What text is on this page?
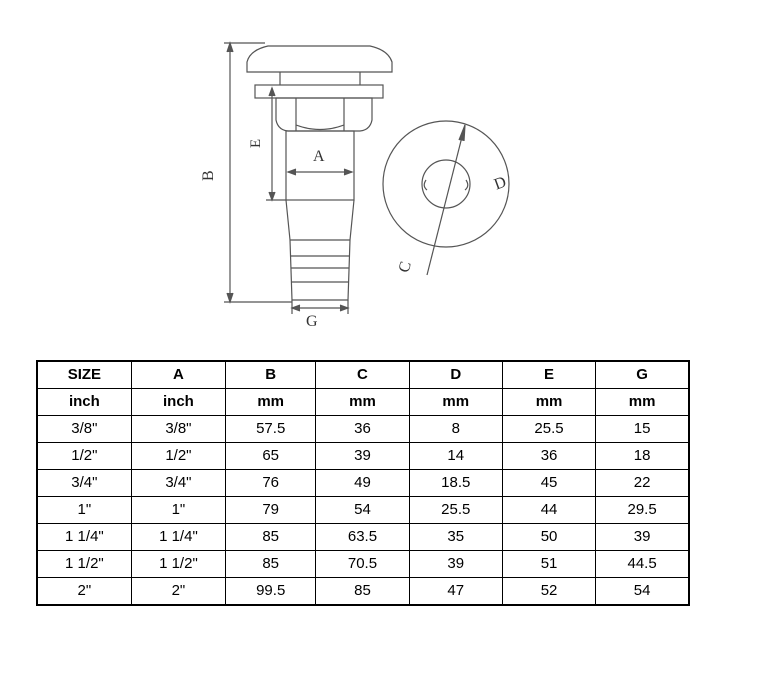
B
E
A
G
D
C
SIZE	A	B	C	D	E	G
inch	inch	mm	mm	mm	mm	mm
3/8"	3/8"	57.5	36	8	25.5	15
1/2"	1/2"	65	39	14	36	18
3/4"	3/4"	76	49	18.5	45	22
1"	1"	79	54	25.5	44	29.5
1 1/4"	1 1/4"	85	63.5	35	50	39
1 1/2"	1 1/2"	85	70.5	39	51	44.5
2"	2"	99.5	85	47	52	54
